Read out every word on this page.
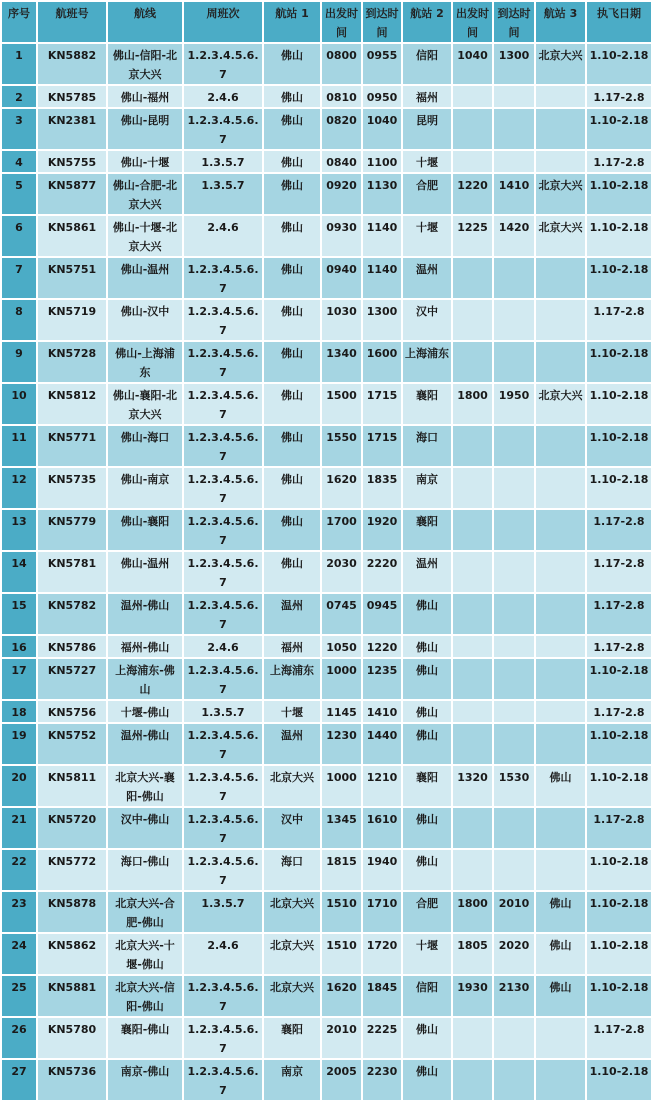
序号	航班号	航线	周班次	航站 1	出发时间	到达时间	航站 2	出发时间	到达时间	航站 3	执飞日期
1	KN5882	佛山-信阳-北京大兴	1.2.3.4.5.6.7	佛山	0800	0955	信阳	1040	1300	北京大兴	1.10-2.18
2	KN5785	佛山-福州	2.4.6	佛山	0810	0950	福州				1.17-2.8
3	KN2381	佛山-昆明	1.2.3.4.5.6.7	佛山	0820	1040	昆明				1.10-2.18
4	KN5755	佛山-十堰	1.3.5.7	佛山	0840	1100	十堰				1.17-2.8
5	KN5877	佛山-合肥-北京大兴	1.3.5.7	佛山	0920	1130	合肥	1220	1410	北京大兴	1.10-2.18
6	KN5861	佛山-十堰-北京大兴	2.4.6	佛山	0930	1140	十堰	1225	1420	北京大兴	1.10-2.18
7	KN5751	佛山-温州	1.2.3.4.5.6.7	佛山	0940	1140	温州				1.10-2.18
8	KN5719	佛山-汉中	1.2.3.4.5.6.7	佛山	1030	1300	汉中				1.17-2.8
9	KN5728	佛山-上海浦东	1.2.3.4.5.6.7	佛山	1340	1600	上海浦东				1.10-2.18
10	KN5812	佛山-襄阳-北京大兴	1.2.3.4.5.6.7	佛山	1500	1715	襄阳	1800	1950	北京大兴	1.10-2.18
11	KN5771	佛山-海口	1.2.3.4.5.6.7	佛山	1550	1715	海口				1.10-2.18
12	KN5735	佛山-南京	1.2.3.4.5.6.7	佛山	1620	1835	南京				1.10-2.18
13	KN5779	佛山-襄阳	1.2.3.4.5.6.7	佛山	1700	1920	襄阳				1.17-2.8
14	KN5781	佛山-温州	1.2.3.4.5.6.7	佛山	2030	2220	温州				1.17-2.8
15	KN5782	温州-佛山	1.2.3.4.5.6.7	温州	0745	0945	佛山				1.17-2.8
16	KN5786	福州-佛山	2.4.6	福州	1050	1220	佛山				1.17-2.8
17	KN5727	上海浦东-佛山	1.2.3.4.5.6.7	上海浦东	1000	1235	佛山				1.10-2.18
18	KN5756	十堰-佛山	1.3.5.7	十堰	1145	1410	佛山				1.17-2.8
19	KN5752	温州-佛山	1.2.3.4.5.6.7	温州	1230	1440	佛山				1.10-2.18
20	KN5811	北京大兴-襄阳-佛山	1.2.3.4.5.6.7	北京大兴	1000	1210	襄阳	1320	1530	佛山	1.10-2.18
21	KN5720	汉中-佛山	1.2.3.4.5.6.7	汉中	1345	1610	佛山				1.17-2.8
22	KN5772	海口-佛山	1.2.3.4.5.6.7	海口	1815	1940	佛山				1.10-2.18
23	KN5878	北京大兴-合肥-佛山	1.3.5.7	北京大兴	1510	1710	合肥	1800	2010	佛山	1.10-2.18
24	KN5862	北京大兴-十堰-佛山	2.4.6	北京大兴	1510	1720	十堰	1805	2020	佛山	1.10-2.18
25	KN5881	北京大兴-信阳-佛山	1.2.3.4.5.6.7	北京大兴	1620	1845	信阳	1930	2130	佛山	1.10-2.18
26	KN5780	襄阳-佛山	1.2.3.4.5.6.7	襄阳	2010	2225	佛山				1.17-2.8
27	KN5736	南京-佛山	1.2.3.4.5.6.7	南京	2005	2230	佛山				1.10-2.18
